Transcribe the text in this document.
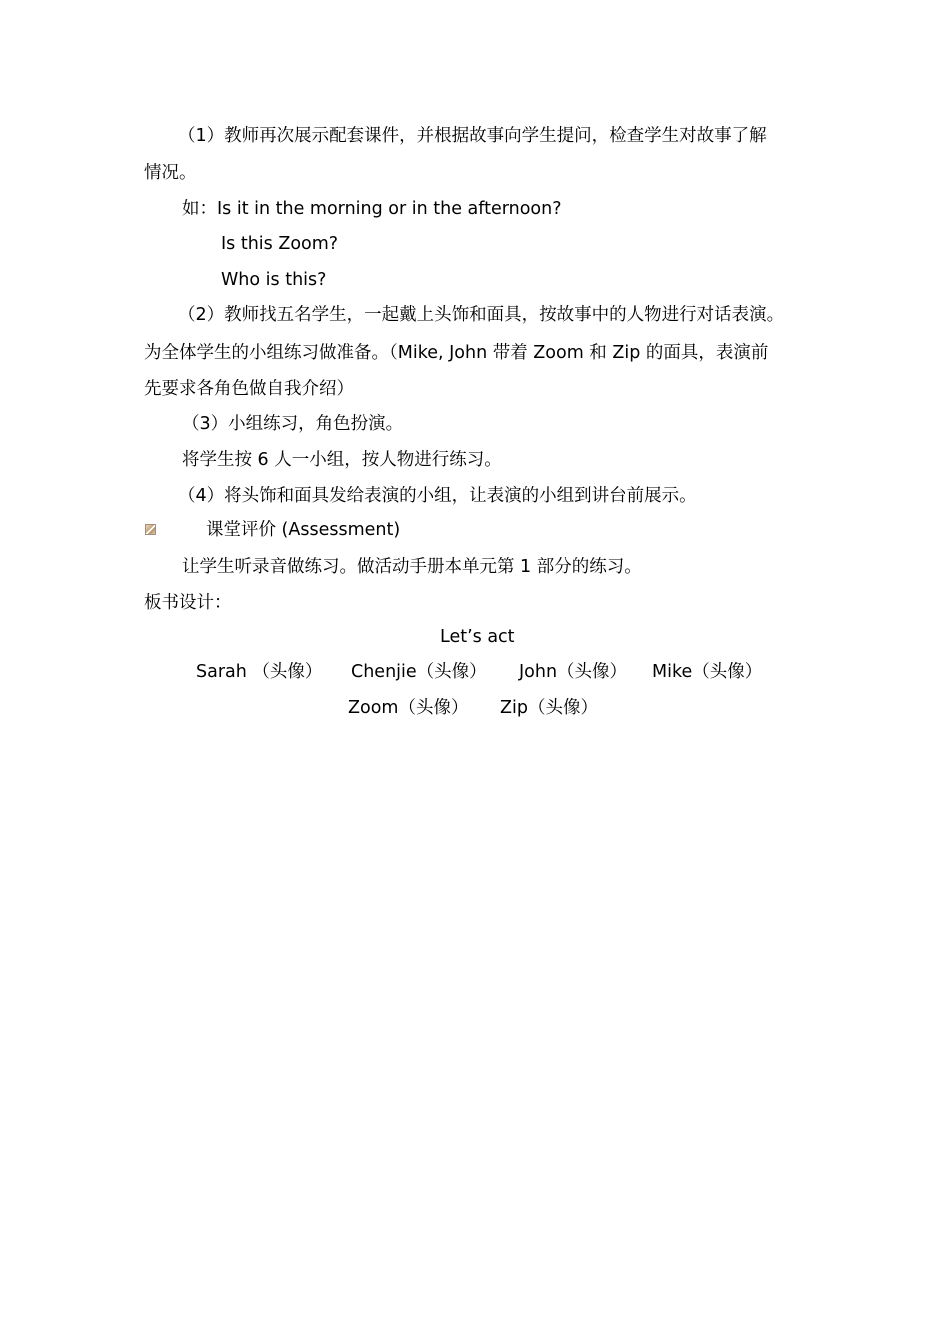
（1）教师再次展示配套课件，并根据故事向学生提问，检查学生对故事了解
情况。
如：Is it in the morning or in the afternoon?
Is this Zoom?
Who is this?
（2）教师找五名学生，一起戴上头饰和面具，按故事中的人物进行对话表演。
为全体学生的小组练习做准备。（Mike, John 带着 Zoom 和 Zip 的面具，表演前
先要求各角色做自我介绍）
（3）小组练习，角色扮演。
将学生按 6 人一小组，按人物进行练习。
（4）将头饰和面具发给表演的小组，让表演的小组到讲台前展示。
课堂评价 (Assessment)
让学生听录音做练习。做活动手册本单元第 1 部分的练习。
板书设计：
Let’s act
Sarah （头像） Chenjie（头像） John（头像） Mike（头像）
Zoom（头像） Zip（头像）
